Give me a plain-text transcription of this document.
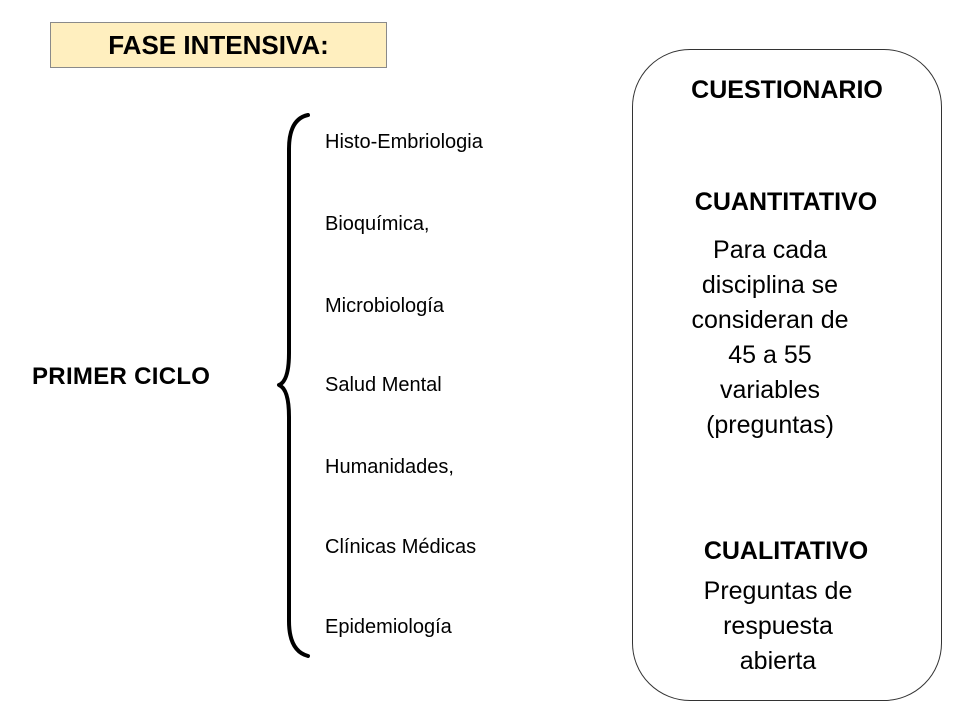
FASE INTENSIVA:
PRIMER CICLO
Histo-Embriologia
Bioquímica,
Microbiología
Salud Mental
Humanidades,
Clínicas Médicas
Epidemiología
CUESTIONARIO
CUANTITATIVO
Para cada
disciplina se
consideran de
45 a 55
variables
(preguntas)
CUALITATIVO
Preguntas de
respuesta
abierta
